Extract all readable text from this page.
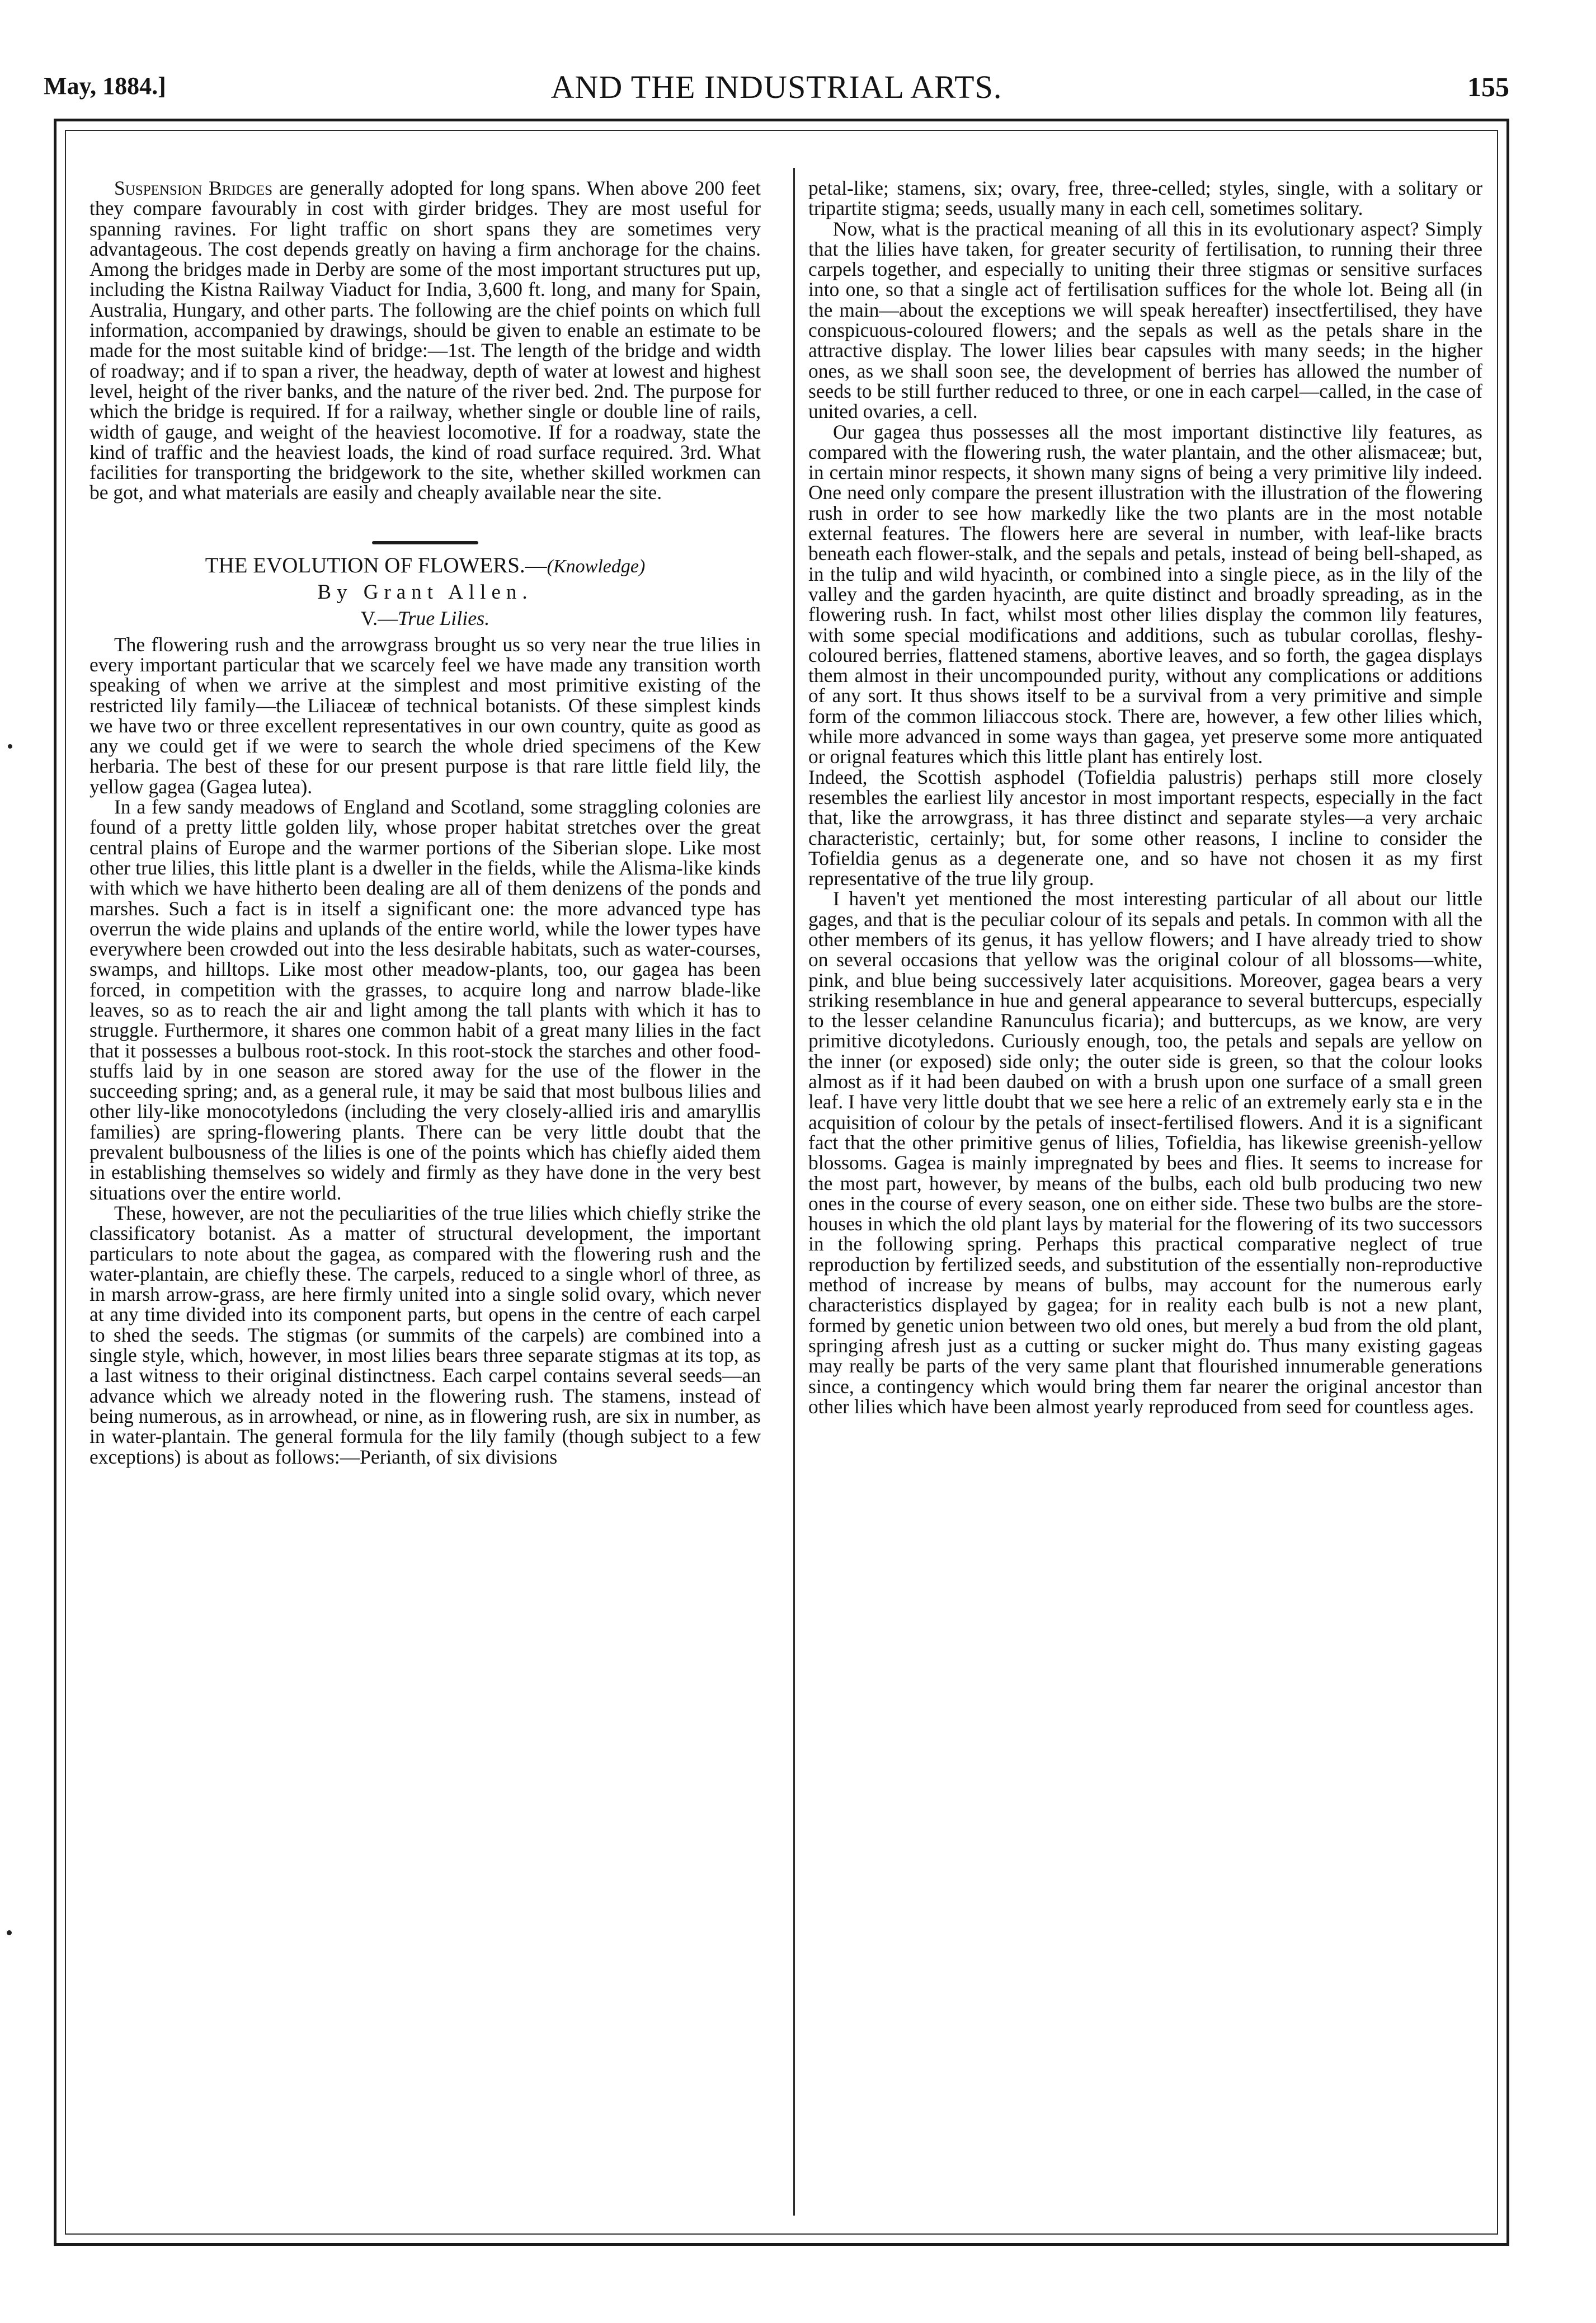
May, 1884.]	AND THE INDUSTRIAL ARTS.	155

Suspension Bridges are generally adopted for long spans. When above 200 feet they compare favourably in cost with girder bridges. They are most useful for spanning ravines. For light traffic on short spans they are sometimes very advantageous. The cost depends greatly on having a firm anchorage for the chains. Among the bridges made in Derby are some of the most important structures put up, including the Kistna Railway Viaduct for India, 3,600 ft. long, and many for Spain, Australia, Hungary, and other parts. The following are the chief points on which full information, accompanied by drawings, should be given to enable an estimate to be made for the most suitable kind of bridge:—1st. The length of the bridge and width of roadway; and if to span a river, the headway, depth of water at lowest and highest level, height of the river banks, and the nature of the river bed. 2nd. The purpose for which the bridge is required. If for a railway, whether single or double line of rails, width of gauge, and weight of the heaviest locomotive. If for a roadway, state the kind of traffic and the heaviest loads, the kind of road surface required. 3rd. What facilities for transporting the bridgework to the site, whether skilled workmen can be got, and what materials are easily and cheaply available near the site.

THE EVOLUTION OF FLOWERS.—(Knowledge)
By Grant Allen.
V.—True Lilies.

The flowering rush and the arrowgrass brought us so very near the true lilies in every important particular that we scarcely feel we have made any transition worth speaking of when we arrive at the simplest and most primitive existing of the restricted lily family—the Liliaceæ of technical botanists. Of these simplest kinds we have two or three excellent representatives in our own country, quite as good as any we could get if we were to search the whole dried specimens of the Kew herbaria. The best of these for our present purpose is that rare little field lily, the yellow gagea (Gagea lutea).

In a few sandy meadows of England and Scotland, some straggling colonies are found of a pretty little golden lily, whose proper habitat stretches over the great central plains of Europe and the warmer portions of the Siberian slope. Like most other true lilies, this little plant is a dweller in the fields, while the Alisma-like kinds with which we have hitherto been dealing are all of them denizens of the ponds and marshes. Such a fact is in itself a significant one: the more advanced type has overrun the wide plains and uplands of the entire world, while the lower types have everywhere been crowded out into the less desirable habitats, such as water-courses, swamps, and hilltops. Like most other meadow-plants, too, our gagea has been forced, in competition with the grasses, to acquire long and narrow blade-like leaves, so as to reach the air and light among the tall plants with which it has to struggle. Furthermore, it shares one common habit of a great many lilies in the fact that it possesses a bulbous root-stock. In this root-stock the starches and other food-stuffs laid by in one season are stored away for the use of the flower in the succeeding spring; and, as a general rule, it may be said that most bulbous lilies and other lily-like monocotyledons (including the very closely-allied iris and amaryllis families) are spring-flowering plants. There can be very little doubt that the prevalent bulbousness of the lilies is one of the points which has chiefly aided them in establishing themselves so widely and firmly as they have done in the very best situations over the entire world.

These, however, are not the peculiarities of the true lilies which chiefly strike the classificatory botanist. As a matter of structural development, the important particulars to note about the gagea, as compared with the flowering rush and the water-plantain, are chiefly these. The carpels, reduced to a single whorl of three, as in marsh arrow-grass, are here firmly united into a single solid ovary, which never at any time divided into its component parts, but opens in the centre of each carpel to shed the seeds. The stigmas (or summits of the carpels) are combined into a single style, which, however, in most lilies bears three separate stigmas at its top, as a last witness to their original distinctness. Each carpel contains several seeds—an advance which we already noted in the flowering rush. The stamens, instead of being numerous, as in arrowhead, or nine, as in flowering rush, are six in number, as in water-plantain. The general formula for the lily family (though subject to a few exceptions) is about as follows:—Perianth, of six divisions

petal-like; stamens, six; ovary, free, three-celled; styles, single, with a solitary or tripartite stigma; seeds, usually many in each cell, sometimes solitary.

Now, what is the practical meaning of all this in its evolutionary aspect? Simply that the lilies have taken, for greater security of fertilisation, to running their three carpels together, and especially to uniting their three stigmas or sensitive surfaces into one, so that a single act of fertilisation suffices for the whole lot. Being all (in the main—about the exceptions we will speak hereafter) insectfertilised, they have conspicuous-coloured flowers; and the sepals as well as the petals share in the attractive display. The lower lilies bear capsules with many seeds; in the higher ones, as we shall soon see, the development of berries has allowed the number of seeds to be still further reduced to three, or one in each carpel—called, in the case of united ovaries, a cell.

Our gagea thus possesses all the most important distinctive lily features, as compared with the flowering rush, the water plantain, and the other alismaceæ; but, in certain minor respects, it shown many signs of being a very primitive lily indeed. One need only compare the present illustration with the illustration of the flowering rush in order to see how markedly like the two plants are in the most notable external features. The flowers here are several in number, with leaf-like bracts beneath each flower-stalk, and the sepals and petals, instead of being bell-shaped, as in the tulip and wild hyacinth, or combined into a single piece, as in the lily of the valley and the garden hyacinth, are quite distinct and broadly spreading, as in the flowering rush. In fact, whilst most other lilies display the common lily features, with some special modifications and additions, such as tubular corollas, fleshy-coloured berries, flattened stamens, abortive leaves, and so forth, the gagea displays them almost in their uncompounded purity, without any complications or additions of any sort. It thus shows itself to be a survival from a very primitive and simple form of the common liliaccous stock. There are, however, a few other lilies which, while more advanced in some ways than gagea, yet preserve some more antiquated or orignal features which this little plant has entirely lost.

Indeed, the Scottish asphodel (Tofieldia palustris) perhaps still more closely resembles the earliest lily ancestor in most important respects, especially in the fact that, like the arrowgrass, it has three distinct and separate styles—a very archaic characteristic, certainly; but, for some other reasons, I incline to consider the Tofieldia genus as a degenerate one, and so have not chosen it as my first representative of the true lily group.

I haven't yet mentioned the most interesting particular of all about our little gages, and that is the peculiar colour of its sepals and petals. In common with all the other members of its genus, it has yellow flowers; and I have already tried to show on several occasions that yellow was the original colour of all blossoms—white, pink, and blue being successively later acquisitions. Moreover, gagea bears a very striking resemblance in hue and general appearance to several buttercups, especially to the lesser celandine Ranunculus ficaria); and buttercups, as we know, are very primitive dicotyledons. Curiously enough, too, the petals and sepals are yellow on the inner (or exposed) side only; the outer side is green, so that the colour looks almost as if it had been daubed on with a brush upon one surface of a small green leaf. I have very little doubt that we see here a relic of an extremely early sta e in the acquisition of colour by the petals of insect-fertilised flowers. And it is a significant fact that the other primitive genus of lilies, Tofieldia, has likewise greenish-yellow blossoms. Gagea is mainly impregnated by bees and flies. It seems to increase for the most part, however, by means of the bulbs, each old bulb producing two new ones in the course of every season, one on either side. These two bulbs are the store-houses in which the old plant lays by material for the flowering of its two successors in the following spring. Perhaps this practical comparative neglect of true reproduction by fertilized seeds, and substitution of the essentially non-reproductive method of increase by means of bulbs, may account for the numerous early characteristics displayed by gagea; for in reality each bulb is not a new plant, formed by genetic union between two old ones, but merely a bud from the old plant, springing afresh just as a cutting or sucker might do. Thus many existing gageas may really be parts of the very same plant that flourished innumerable generations since, a contingency which would bring them far nearer the original ancestor than other lilies which have been almost yearly reproduced from seed for countless ages.
